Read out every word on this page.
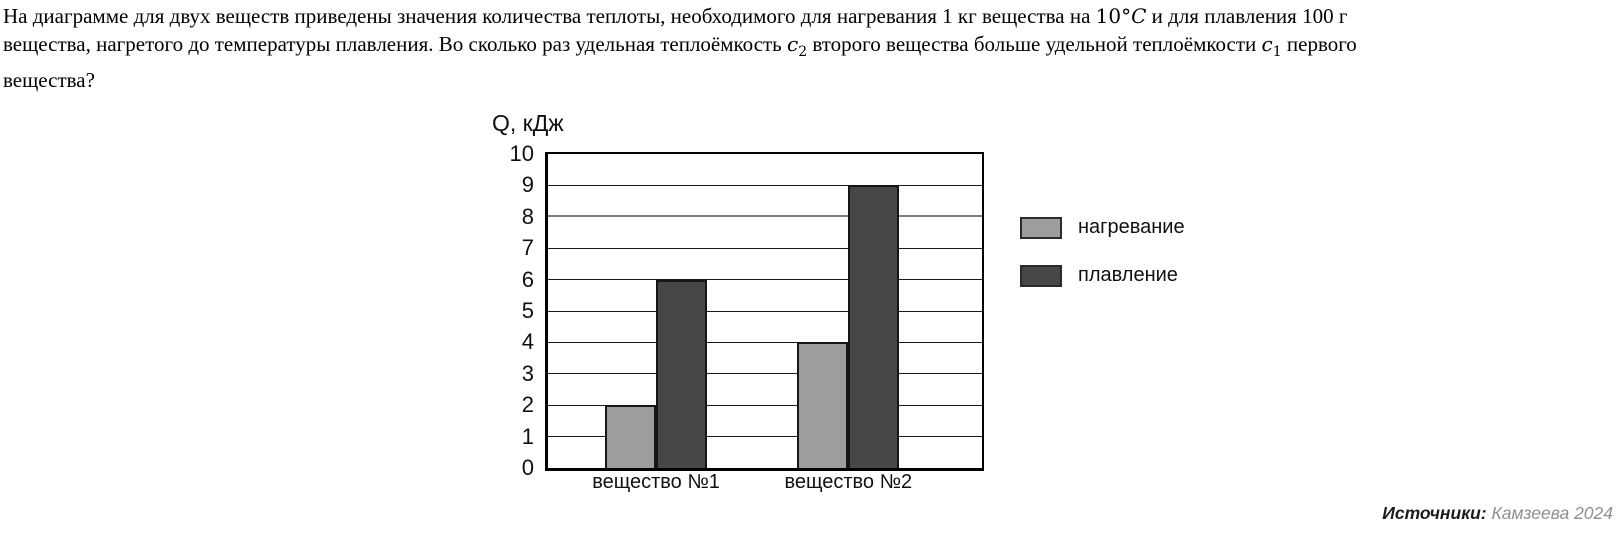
На диаграмме для двух веществ приведены значения количества теплоты, необходимого для нагревания 1 кг вещества на 10°C и для плавления 100 г
вещества, нагретого до температуры плавления. Во сколько раз удельная теплоёмкость $c_2$ второго вещества больше удельной теплоёмкости $c_1$ первого
вещества?

Q, кДж
0
1
2
3
4
5
6
7
8
9
10
вещество №1	вещество №2
нагревание
плавление
Источники: Камзеева 2024
